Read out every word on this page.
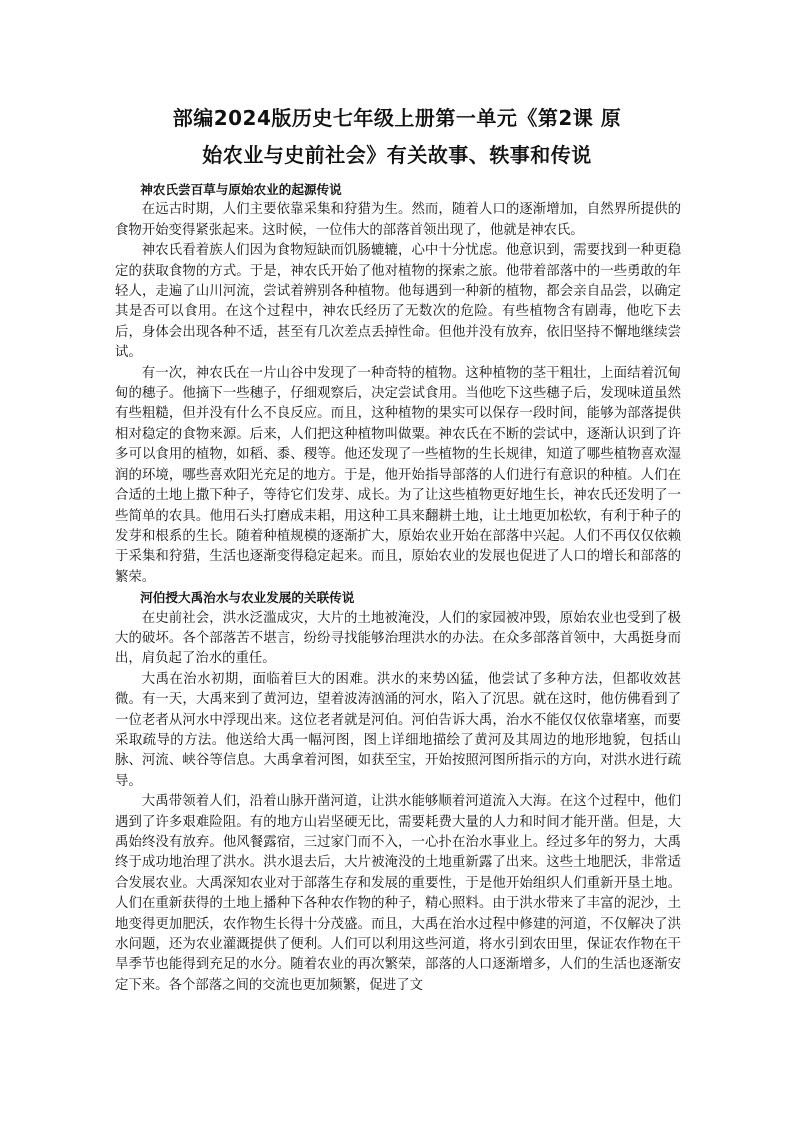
部编2024版历史七年级上册第一单元《第2课 原
始农业与史前社会》有关故事、轶事和传说

神农氏尝百草与原始农业的起源传说

在远古时期，人们主要依靠采集和狩猎为生。然而，随着人口的逐渐增加，自然界所提供的食物开始变得紧张起来。这时候，一位伟大的部落首领出现了，他就是神农氏。

神农氏看着族人们因为食物短缺而饥肠辘辘，心中十分忧虑。他意识到，需要找到一种更稳定的获取食物的方式。于是，神农氏开始了他对植物的探索之旅。他带着部落中的一些勇敢的年轻人，走遍了山川河流，尝试着辨别各种植物。他每遇到一种新的植物，都会亲自品尝，以确定其是否可以食用。在这个过程中，神农氏经历了无数次的危险。有些植物含有剧毒，他吃下去后，身体会出现各种不适，甚至有几次差点丢掉性命。但他并没有放弃，依旧坚持不懈地继续尝试。

有一次，神农氏在一片山谷中发现了一种奇特的植物。这种植物的茎干粗壮，上面结着沉甸甸的穗子。他摘下一些穗子，仔细观察后，决定尝试食用。当他吃下这些穗子后，发现味道虽然有些粗糙，但并没有什么不良反应。而且，这种植物的果实可以保存一段时间，能够为部落提供相对稳定的食物来源。后来，人们把这种植物叫做粟。神农氏在不断的尝试中，逐渐认识到了许多可以食用的植物，如稻、黍、稷等。他还发现了一些植物的生长规律，知道了哪些植物喜欢湿润的环境，哪些喜欢阳光充足的地方。于是，他开始指导部落的人们进行有意识的种植。人们在合适的土地上撒下种子，等待它们发芽、成长。为了让这些植物更好地生长，神农氏还发明了一些简单的农具。他用石头打磨成耒耜，用这种工具来翻耕土地，让土地更加松软，有利于种子的发芽和根系的生长。随着种植规模的逐渐扩大，原始农业开始在部落中兴起。人们不再仅仅依赖于采集和狩猎，生活也逐渐变得稳定起来。而且，原始农业的发展也促进了人口的增长和部落的繁荣。

河伯授大禹治水与农业发展的关联传说

在史前社会，洪水泛滥成灾，大片的土地被淹没，人们的家园被冲毁，原始农业也受到了极大的破坏。各个部落苦不堪言，纷纷寻找能够治理洪水的办法。在众多部落首领中，大禹挺身而出，肩负起了治水的重任。

大禹在治水初期，面临着巨大的困难。洪水的来势凶猛，他尝试了多种方法，但都收效甚微。有一天，大禹来到了黄河边，望着波涛汹涌的河水，陷入了沉思。就在这时，他仿佛看到了一位老者从河水中浮现出来。这位老者就是河伯。河伯告诉大禹，治水不能仅仅依靠堵塞，而要采取疏导的方法。他送给大禹一幅河图，图上详细地描绘了黄河及其周边的地形地貌，包括山脉、河流、峡谷等信息。大禹拿着河图，如获至宝，开始按照河图所指示的方向，对洪水进行疏导。

大禹带领着人们，沿着山脉开凿河道，让洪水能够顺着河道流入大海。在这个过程中，他们遇到了许多艰难险阻。有的地方山岩坚硬无比，需要耗费大量的人力和时间才能开凿。但是，大禹始终没有放弃。他风餐露宿，三过家门而不入，一心扑在治水事业上。经过多年的努力，大禹终于成功地治理了洪水。洪水退去后，大片被淹没的土地重新露了出来。这些土地肥沃，非常适合发展农业。大禹深知农业对于部落生存和发展的重要性，于是他开始组织人们重新开垦土地。人们在重新获得的土地上播种下各种农作物的种子，精心照料。由于洪水带来了丰富的泥沙，土地变得更加肥沃，农作物生长得十分茂盛。而且，大禹在治水过程中修建的河道，不仅解决了洪水问题，还为农业灌溉提供了便利。人们可以利用这些河道，将水引到农田里，保证农作物在干旱季节也能得到充足的水分。随着农业的再次繁荣，部落的人口逐渐增多，人们的生活也逐渐安定下来。各个部落之间的交流也更加频繁，促进了文
